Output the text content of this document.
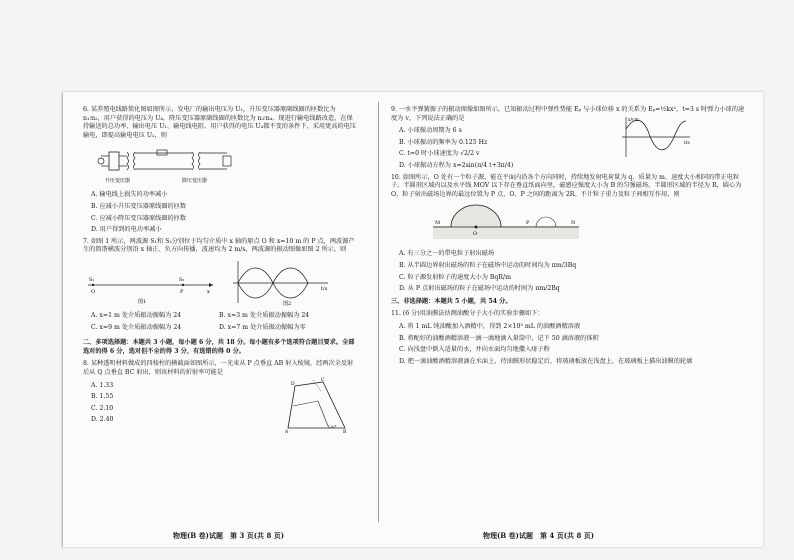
6. 某养殖电线路简化图如图所示，发电厂的输出电压为 U₁，升压变压器原副线圈的匝数比为 n₁∶n₂，用户获得的电压为 U₄，降压变压器原副线圈的匝数比为 n₃∶n₄。现进行输电线路改造，在保持输送的总功率、输出电压 U₁、输电线电阻、用户获得的电压 U₄都不变的条件下，采用更高的电压输电，即提高输电电压 U₂，则

升压变压器	降压变压器

A. 输电线上损失的功率减小

B. 应减小升压变压器原线圈的匝数

C. 应减小降压变压器原线圈的匝数

D. 用户得到的电功率减小

7. 如图 1 所示，两波源 S₁和 S₂分别位于均匀介质中 x 轴的原点 O 和 x=10 m 的 P 点，两波源产生的简谐横波分别沿 x 轴正、负方向传播，波速均为 2 m/s，两波源的振动图像如图 2 所示，则

S₁	S₂
O	P	x
图1
t/s
图2

A. x=1 m 处介质振动振幅为 24	B. x=3 m 处介质振动振幅为 24

C. x=9 m 处介质振动振幅为 24	D. x=7 m 处介质振动振幅为零

二、多项选择题：本题共 3 小题，每小题 6 分，共 18 分。每小题有多个选项符合题目要求。全部选对的得 6 分，选对但不全的得 3 分，有选错的得 0 分。

8. 某种透明材料做成的四棱柱的横截面如图所示，一光束从 P 点垂直 AB 射入棱镜，经两次全反射后从 Q 点垂直 BC 射出，则该材料的折射率可能是

A. 1.33

B. 1.55

C. 2.10

D. 2.40

A
D
C
B
120°

9. 一水平弹簧振子的振动图像如图所示，已知振动过程中弹性势能 Eₚ 与小球位移 x 的关系为 Eₚ=½kx²，t=3 s 时弹力小球的速度为 v，下列说法正确的是

A. 小球振动周期为 6 s

B. 小球振动的频率为 0.125 Hz

C. t=0 时小球速度为 √2/2 v

D. 小球振动方程为 x=2sin(π/4 t+3π/4)

x/cm
t/s

10. 如图所示，O 处有一个粒子源，能在平面内沿各个方向同时，持续地发射电荷量为 q、质量为 m、速度大小相同的带正电粒子。半圆形区域内以及水平线 MOV 以下存在垂直纸面向里，磁感应强度大小为 B 的匀强磁场。半圆形区域的半径为 R，圆心为 O，粒子射出磁场边界的最远位置为 P 点，O、P 之间的距离为 2R。不计粒子重力及粒子间相互作用，则

O
P
M	N

A. 有三分之一的带电粒子射出磁场

B. 从半圆边界射出磁场的粒子在磁场中运动的时间均为 πm/3Bq

C. 粒子源发射粒子的速度大小为 BqR/m

D. 从 P 点射出磁场的粒子在磁场中运动的时间为 πm/2Bq

三、非选择题：本题共 5 小题，共 54 分。

11. (6 分)用油膜法估测油酸分子大小的实验步骤如下：

A. 将 1 mL 纯油酸加入酒精中，得到 2×10³ mL 的油酸酒精溶液

B. 将配好的油酸酒精溶液一滴一滴地滴入量筒中，记下 50 滴溶液的体积

C. 向浅盘中倒入适量的水，并向水面均匀地撒入痱子粉

D. 把一滴油酸酒精溶液滴在水面上，待油膜形状稳定后，将玻璃板放在浅盘上，在玻璃板上描出油膜的轮廓

物理(B 卷)试题　第 3 页(共 8 页)	物理(B 卷)试题　第 4 页(共 8 页)
